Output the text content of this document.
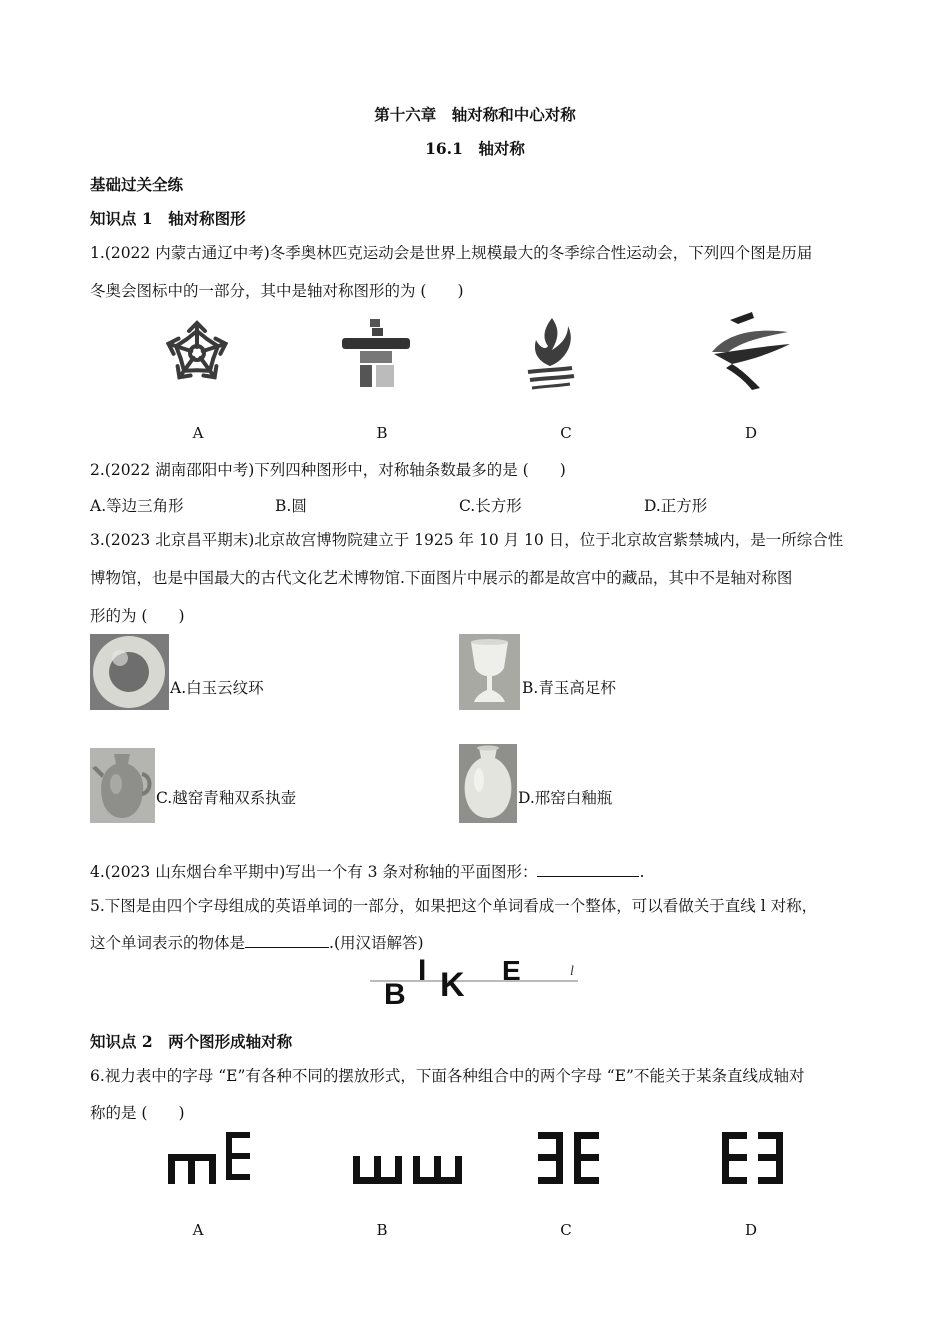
第十六章　轴对称和中心对称
16.1　轴对称
基础过关全练
知识点 1　轴对称图形
1.(2022 内蒙古通辽中考)冬季奥林匹克运动会是世界上规模最大的冬季综合性运动会，下列四个图是历届
冬奥会图标中的一部分，其中是轴对称图形的为 (　　)
A	B	C	D
2.(2022 湖南邵阳中考)下列四种图形中，对称轴条数最多的是 (　　)
A.等边三角形	B.圆	C.长方形	D.正方形
3.(2023 北京昌平期末)北京故宫博物院建立于 1925 年 10 月 10 日，位于北京故宫紫禁城内，是一所综合性
博物馆，也是中国最大的古代文化艺术博物馆.下面图片中展示的都是故宫中的藏品，其中不是轴对称图
形的为 (　　)
A.白玉云纹环	B.青玉高足杯
C.越窑青釉双系执壶	D.邢窑白釉瓶
4.(2023 山东烟台牟平期中)写出一个有 3 条对称轴的平面图形：	.
5.下图是由四个字母组成的英语单词的一部分，如果把这个单词看成一个整体，可以看做关于直线 l 对称，
这个单词表示的物体是	.(用汉语解答)
l
B
I K E
知识点 2　两个图形成轴对称
6.视力表中的字母 “E”有各种不同的摆放形式，下面各种组合中的两个字母 “E”不能关于某条直线成轴对
称的是 (　　)
A	B	C	D
